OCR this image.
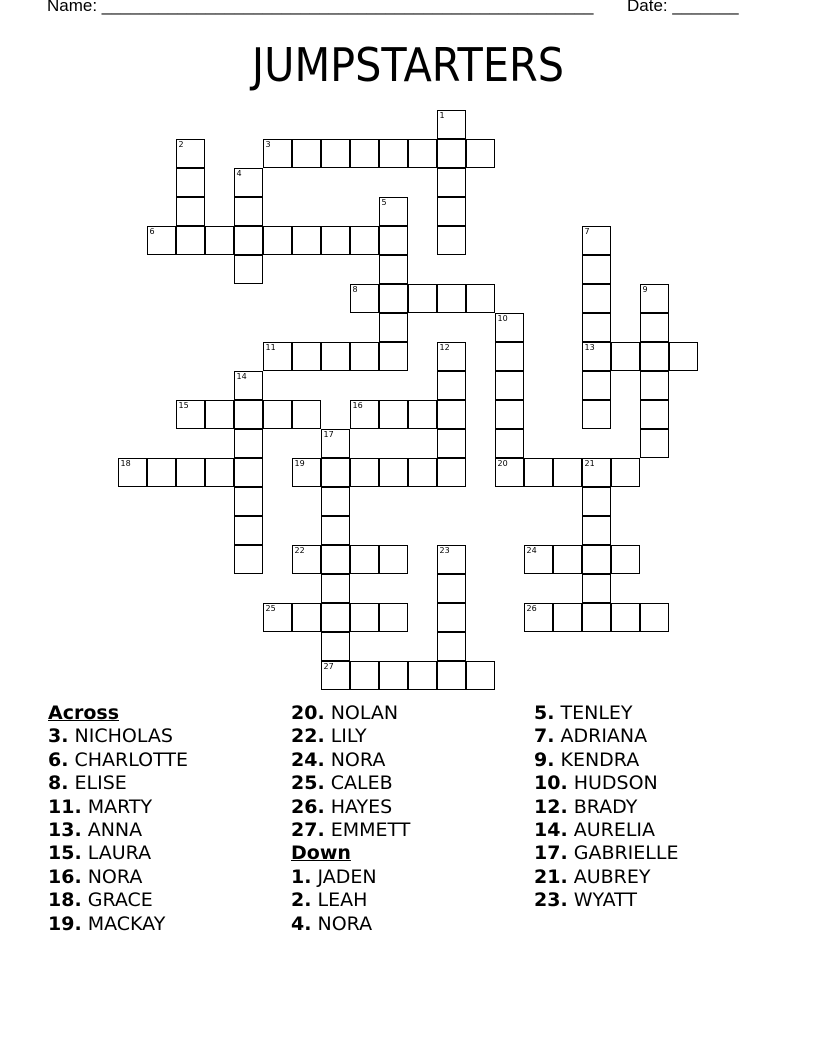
Name: ____________________________________________________ Date: _______
JUMPSTARTERS
3
6
8
11	13
15	16
18	19	20	21
22	24
25	26
27
1
2
4
5
7
9
10
12
14
17
23
Across
3. NICHOLAS
6. CHARLOTTE
8. ELISE
11. MARTY
13. ANNA
15. LAURA
16. NORA
18. GRACE
19. MACKAY
20. NOLAN
22. LILY
24. NORA
25. CALEB
26. HAYES
27. EMMETT
Down
1. JADEN
2. LEAH
4. NORA
5. TENLEY
7. ADRIANA
9. KENDRA
10. HUDSON
12. BRADY
14. AURELIA
17. GABRIELLE
21. AUBREY
23. WYATT
